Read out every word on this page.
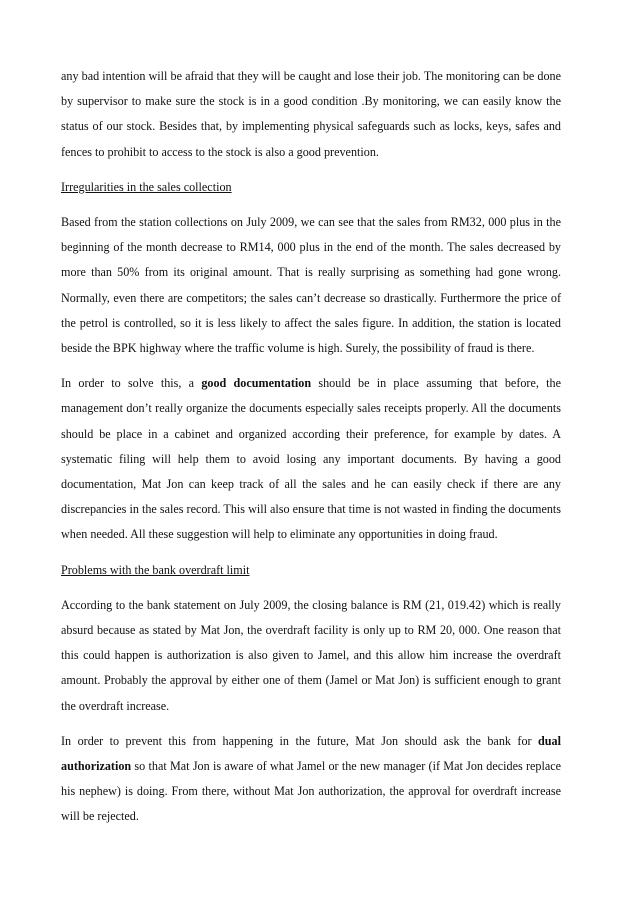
any bad intention will be afraid that they will be caught and lose their job. The monitoring can be done by supervisor to make sure the stock is in a good condition .By monitoring, we can easily know the status of our stock. Besides that, by implementing physical safeguards such as locks, keys, safes and fences to prohibit to access to the stock is also a good prevention.

Irregularities in the sales collection

Based from the station collections on July 2009, we can see that the sales from RM32, 000 plus in the beginning of the month decrease to RM14, 000 plus in the end of the month. The sales decreased by more than 50% from its original amount. That is really surprising as something had gone wrong. Normally, even there are competitors; the sales can’t decrease so drastically. Furthermore the price of the petrol is controlled, so it is less likely to affect the sales figure. In addition, the station is located beside the BPK highway where the traffic volume is high. Surely, the possibility of fraud is there.

In order to solve this, a good documentation should be in place assuming that before, the management don’t really organize the documents especially sales receipts properly. All the documents should be place in a cabinet and organized according their preference, for example by dates. A systematic filing will help them to avoid losing any important documents. By having a good documentation, Mat Jon can keep track of all the sales and he can easily check if there are any discrepancies in the sales record. This will also ensure that time is not wasted in finding the documents when needed. All these suggestion will help to eliminate any opportunities in doing fraud.

Problems with the bank overdraft limit

According to the bank statement on July 2009, the closing balance is RM (21, 019.42) which is really absurd because as stated by Mat Jon, the overdraft facility is only up to RM 20, 000. One reason that this could happen is authorization is also given to Jamel, and this allow him increase the overdraft amount. Probably the approval by either one of them (Jamel or Mat Jon) is sufficient enough to grant the overdraft increase.

In order to prevent this from happening in the future, Mat Jon should ask the bank for dual authorization so that Mat Jon is aware of what Jamel or the new manager (if Mat Jon decides replace his nephew) is doing. From there, without Mat Jon authorization, the approval for overdraft increase will be rejected.
